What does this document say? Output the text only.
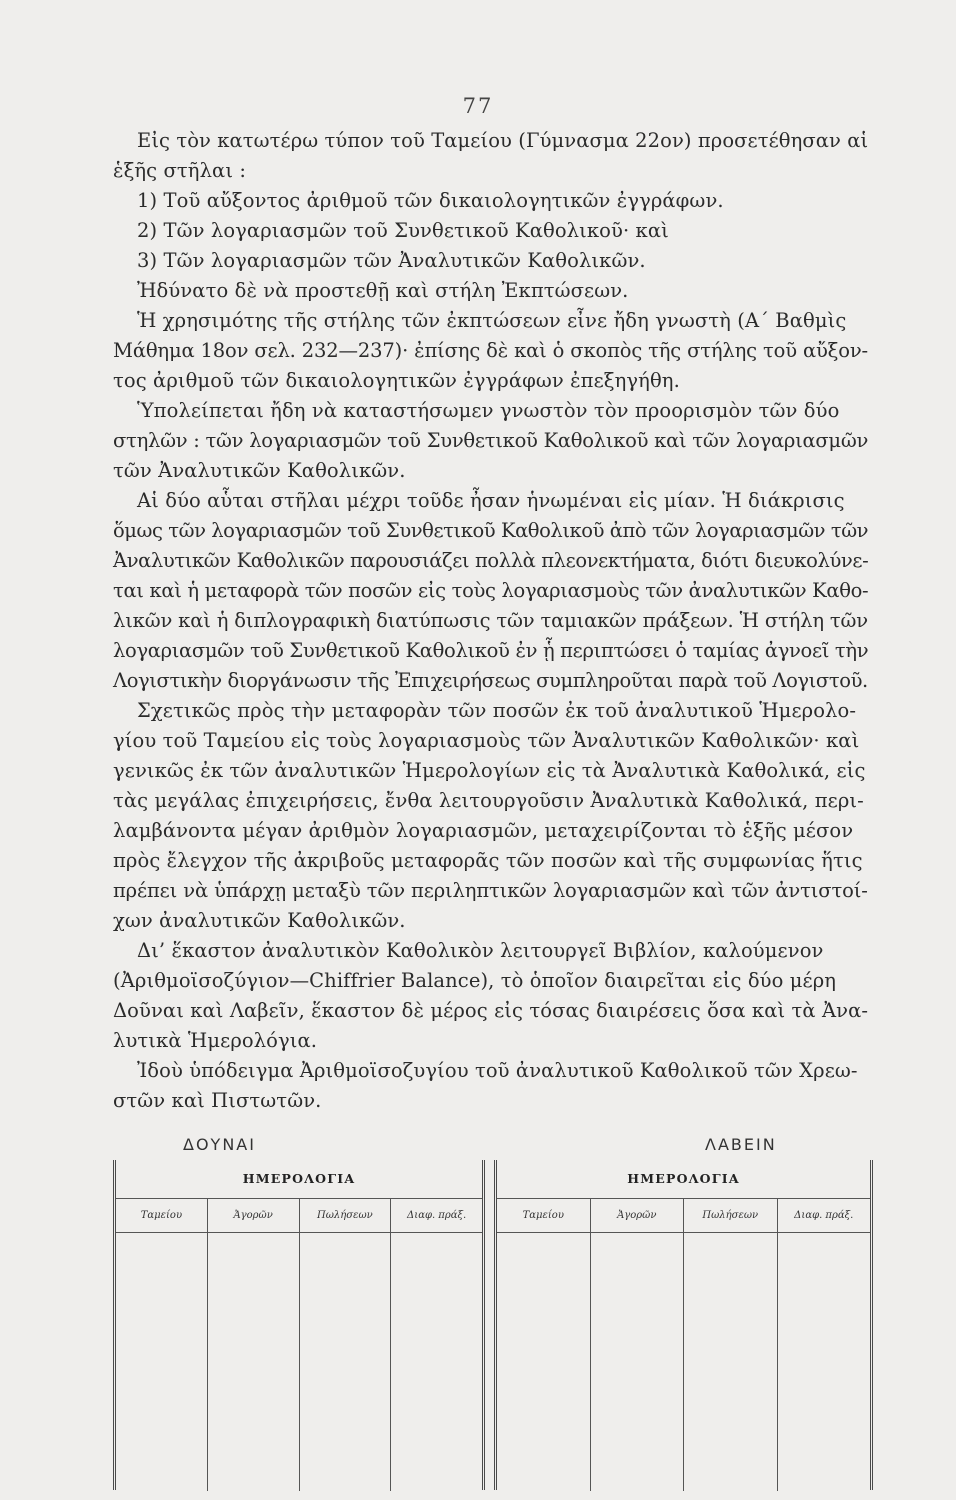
77
Εἰς τὸν κατωτέρω τύπον τοῦ Ταμείου (Γύμνασμα 22ον) προσετέθησαν αἱ
ἑξῆς στῆλαι :
1) Τοῦ αὔξοντος ἀριθμοῦ τῶν δικαιολογητικῶν ἐγγράφων.
2) Τῶν λογαριασμῶν τοῦ Συνθετικοῦ Καθολικοῦ· καὶ
3) Τῶν λογαριασμῶν τῶν Ἀναλυτικῶν Καθολικῶν.
Ἠδύνατο δὲ νὰ προστεθῇ καὶ στήλη Ἐκπτώσεων.
Ἡ χρησιμότης τῆς στήλης τῶν ἐκπτώσεων εἶνε ἤδη γνωστὴ (Α΄ Βαθμὶς
Μάθημα 18ον σελ. 232—237)· ἐπίσης δὲ καὶ ὁ σκοπὸς τῆς στήλης τοῦ αὔξον-
τος ἀριθμοῦ τῶν δικαιολογητικῶν ἐγγράφων ἐπεξηγήθη.
Ὑπολείπεται ἤδη νὰ καταστήσωμεν γνωστὸν τὸν προορισμὸν τῶν δύο
στηλῶν : τῶν λογαριασμῶν τοῦ Συνθετικοῦ Καθολικοῦ καὶ τῶν λογαριασμῶν
τῶν Ἀναλυτικῶν Καθολικῶν.
Αἱ δύο αὗται στῆλαι μέχρι τοῦδε ἦσαν ἡνωμέναι εἰς μίαν. Ἡ διάκρισις
ὅμως τῶν λογαριασμῶν τοῦ Συνθετικοῦ Καθολικοῦ ἀπὸ τῶν λογαριασμῶν τῶν
Ἀναλυτικῶν Καθολικῶν παρουσιάζει πολλὰ πλεονεκτήματα, διότι διευκολύνε-
ται καὶ ἡ μεταφορὰ τῶν ποσῶν εἰς τοὺς λογαριασμοὺς τῶν ἀναλυτικῶν Καθο-
λικῶν καὶ ἡ διπλογραφικὴ διατύπωσις τῶν ταμιακῶν πράξεων. Ἡ στήλη τῶν
λογαριασμῶν τοῦ Συνθετικοῦ Καθολικοῦ ἐν ᾗ περιπτώσει ὁ ταμίας ἀγνοεῖ τὴν
Λογιστικὴν διοργάνωσιν τῆς Ἐπιχειρήσεως συμπληροῦται παρὰ τοῦ Λογιστοῦ.
Σχετικῶς πρὸς τὴν μεταφορὰν τῶν ποσῶν ἐκ τοῦ ἀναλυτικοῦ Ἡμερολο-
γίου τοῦ Ταμείου εἰς τοὺς λογαριασμοὺς τῶν Ἀναλυτικῶν Καθολικῶν· καὶ
γενικῶς ἐκ τῶν ἀναλυτικῶν Ἡμερολογίων εἰς τὰ Ἀναλυτικὰ Καθολικά, εἰς
τὰς μεγάλας ἐπιχειρήσεις, ἔνθα λειτουργοῦσιν Ἀναλυτικὰ Καθολικά, περι-
λαμβάνοντα μέγαν ἀριθμὸν λογαριασμῶν, μεταχειρίζονται τὸ ἑξῆς μέσον
πρὸς ἔλεγχον τῆς ἀκριβοῦς μεταφορᾶς τῶν ποσῶν καὶ τῆς συμφωνίας ἥτις
πρέπει νὰ ὑπάρχῃ μεταξὺ τῶν περιληπτικῶν λογαριασμῶν καὶ τῶν ἀντιστοί-
χων ἀναλυτικῶν Καθολικῶν.
Δι’ ἕκαστον ἀναλυτικὸν Καθολικὸν λειτουργεῖ Βιβλίον, καλούμενον
(Ἀριθμοϊσοζύγιον—Chiffrier Balance), τὸ ὁποῖον διαιρεῖται εἰς δύο μέρη
Δοῦναι καὶ Λαβεῖν, ἕκαστον δὲ μέρος εἰς τόσας διαιρέσεις ὅσα καὶ τὰ Ἀνα-
λυτικὰ Ἡμερολόγια.
Ἰδοὺ ὑπόδειγμα Ἀριθμοϊσοζυγίου τοῦ ἀναλυτικοῦ Καθολικοῦ τῶν Χρεω-
στῶν καὶ Πιστωτῶν.
ΔΟΥΝΑΙ	ΛΑΒΕΙΝ
ΗΜΕΡΟΛΟΓΙΑ
Ταμείου	Ἀγορῶν	Πωλήσεων	Διαφ. πράξ.
ΗΜΕΡΟΛΟΓΙΑ
Ταμείου	Ἀγορῶν	Πωλήσεων	Διαφ. πράξ.
